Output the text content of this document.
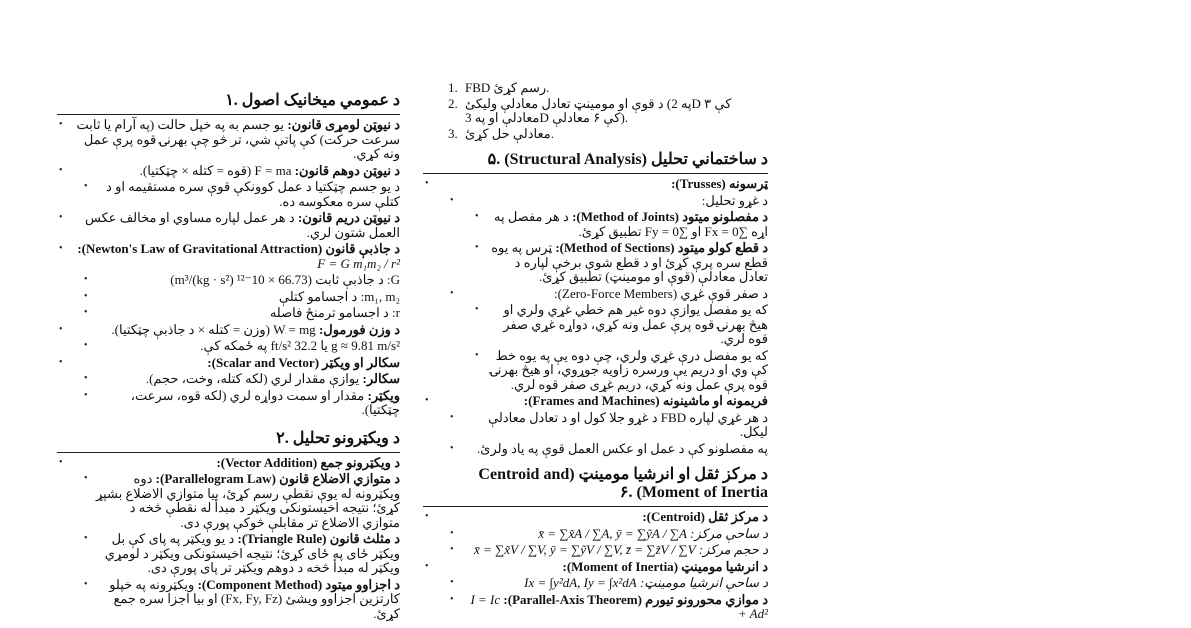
د عمومي میخانیک اصول .۱
• د نیوټن لومړی قانون: یو جسم به په خپل حالت (په آرام یا ثابت سرعت حرکت) کې پاتې شي، تر څو چې بهرنۍ قوه پرې عمل ونه کړي.
• د نیوټن دوهم قانون: F = ma (قوه = کتله × چټکتیا).
• د یو جسم چټکتیا د عمل کوونکې قوې سره مستقیمه او د کتلې سره معکوسه ده.
• د نیوټن دریم قانون: د هر عمل لپاره مساوي او مخالف عکس العمل شتون لري.
• د جاذبې قانون (Newton's Law of Gravitational Attraction): F = G m₁m₂ / r²
• G: د جاذبې ثابت (66.73 × 10⁻¹² m³/(kg · s²))
• m₁, m₂: د اجسامو کتلې
• r: د اجسامو ترمنځ فاصله
• د وزن فورمول: W = mg (وزن = کتله × د جاذبې چټکتیا).
• g ≈ 9.81 m/s² یا 32.2 ft/s² په ځمکه کې.
• سکالر او ویکټر (Scalar and Vector):
• سکالر: یوازې مقدار لري (لکه کتله، وخت، حجم).
• ویکټر: مقدار او سمت دواړه لري (لکه قوه، سرعت، چټکتیا).
د ویکټرونو تحلیل .۲
• د ویکټرونو جمع (Vector Addition):
• د متوازي الاضلاع قانون (Parallelogram Law): دوه ویکټرونه له یوې نقطې رسم کړئ، بیا متوازي الاضلاع بشپړ کړئ؛ نتیجه اخیستونکی ویکټر د مبدأ له نقطې څخه د متوازي الاضلاع تر مقابلې څوکې پورې دی.
• د مثلث قانون (Triangle Rule): د یو ویکټر په پای کې بل ویکټر ځای په ځای کړئ؛ نتیجه اخیستونکی ویکټر د لومړي ویکټر له مبدأ څخه د دوهم ویکټر تر پای پورې دی.
• د اجزاوو میتود (Component Method): ویکټرونه په خپلو کارتزین اجزاوو ویشئ (Fx, Fy, Fz) او بیا اجزا سره جمع کړئ.
1. FBD رسم کړئ.
2. د قوې او مومینټ تعادل معادلې ولیکئ (په 2D کې ۳ معادلې او په 3D کې ۶ معادلې).
3. معادلې حل کړئ.
د ساختماني تحلیل (Structural Analysis) .۵
• ټرسونه (Trusses):
• د غړو تحلیل:
• د مفصلونو میتود (Method of Joints): د هر مفصل په اړه ∑Fx = 0 او ∑Fy = 0 تطبیق کړئ.
• د قطع کولو میتود (Method of Sections): ټرس په یوه قطع سره پرې کړئ او د قطع شوې برخې لپاره د تعادل معادلې (قوې او مومینټ) تطبیق کړئ.
• د صفر قوې غړي (Zero-Force Members):
• که یو مفصل یوازې دوه غیر هم خطي غړي ولري او هیڅ بهرنۍ قوه پرې عمل ونه کړي، دواړه غړي صفر قوه لري.
• که یو مفصل درې غړي ولري، چې دوه یې په یوه خط کې وي او دریم یې ورسره زاویه جوړوي، او هیڅ بهرنۍ قوه پرې عمل ونه کړي، دریم غړی صفر قوه لري.
• فریمونه او ماشینونه (Frames and Machines):
• د هر غړي لپاره FBD د غړو جلا کول او د تعادل معادلې لیکل.
• په مفصلونو کې د عمل او عکس العمل قوې په یاد ولرئ.
د مرکز ثقل او انرشیا مومینټ (Centroid and Moment of Inertia) .۶
• د مرکز ثقل (Centroid):
• د ساحې مرکز: x̄ = ∑x̃A / ∑A, ȳ = ∑ỹA / ∑A
• د حجم مرکز: x̄ = ∑x̃V / ∑V, ȳ = ∑ỹV / ∑V, z̄ = ∑z̃V / ∑V
• د انرشیا مومینټ (Moment of Inertia):
• د ساحې انرشیا مومینټ: Ix = ∫y²dA, Iy = ∫x²dA
• د موازي محورونو تیورم (Parallel-Axis Theorem): I = Ic + Ad²
